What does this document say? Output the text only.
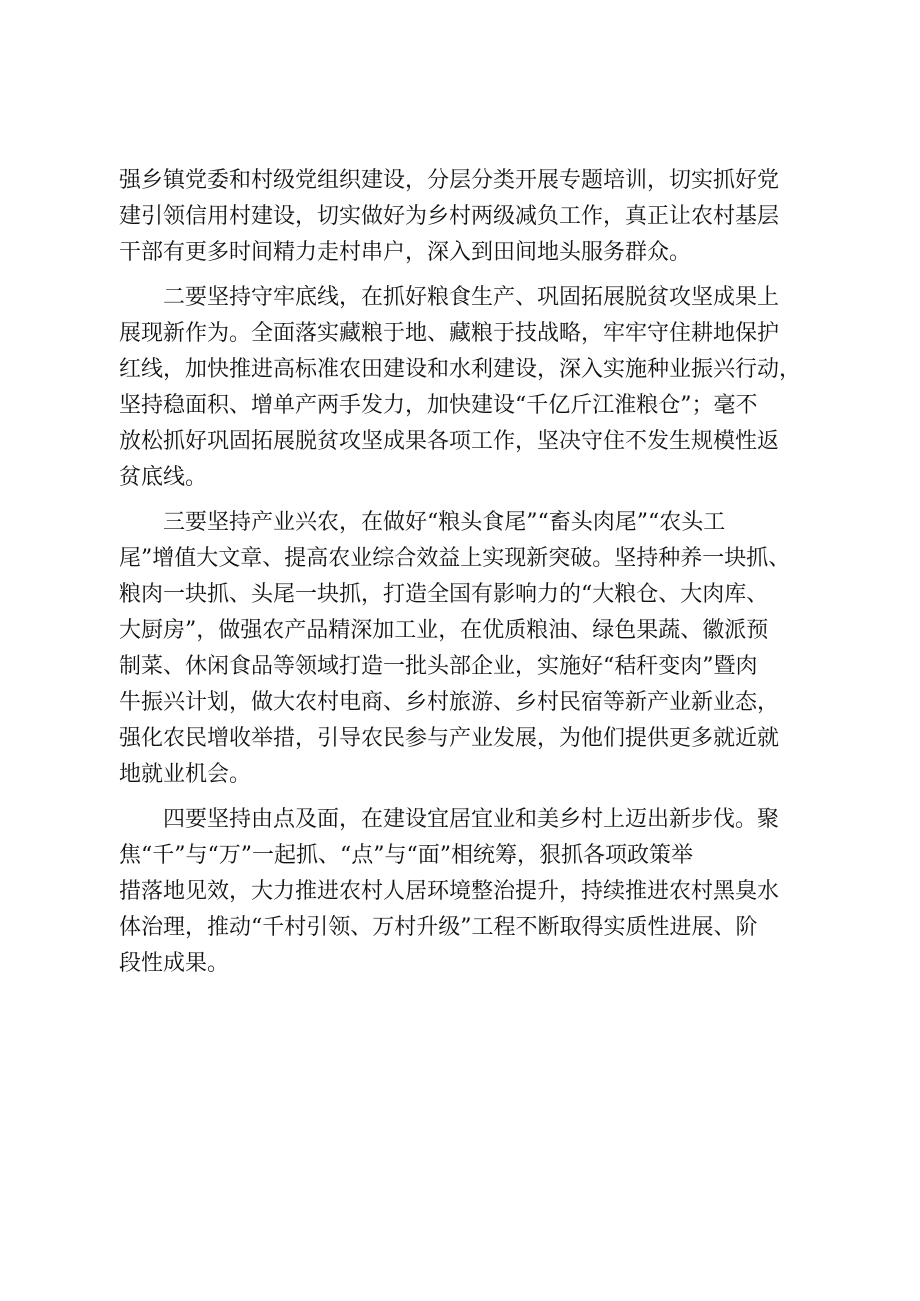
强乡镇党委和村级党组织建设，分层分类开展专题培训，切实抓好党
建引领信用村建设，切实做好为乡村两级减负工作，真正让农村基层
干部有更多时间精力走村串户，深入到田间地头服务群众。
二要坚持守牢底线，在抓好粮食生产、巩固拓展脱贫攻坚成果上
展现新作为。全面落实藏粮于地、藏粮于技战略，牢牢守住耕地保护
红线，加快推进高标准农田建设和水利建设，深入实施种业振兴行动，
坚持稳面积、增单产两手发力，加快建设“千亿斤江淮粮仓”；毫不
放松抓好巩固拓展脱贫攻坚成果各项工作，坚决守住不发生规模性返
贫底线。
三要坚持产业兴农，在做好“粮头食尾”“畜头肉尾”“农头工
尾”增值大文章、提高农业综合效益上实现新突破。坚持种养一块抓、
粮肉一块抓、头尾一块抓，打造全国有影响力的“大粮仓、大肉库、
大厨房”，做强农产品精深加工业，在优质粮油、绿色果蔬、徽派预
制菜、休闲食品等领域打造一批头部企业，实施好“秸秆变肉”暨肉
牛振兴计划，做大农村电商、乡村旅游、乡村民宿等新产业新业态，
强化农民增收举措，引导农民参与产业发展，为他们提供更多就近就
地就业机会。
四要坚持由点及面，在建设宜居宜业和美乡村上迈出新步伐。聚
焦“千”与“万”一起抓、“点”与“面”相统筹，狠抓各项政策举
措落地见效，大力推进农村人居环境整治提升，持续推进农村黑臭水
体治理，推动“千村引领、万村升级”工程不断取得实质性进展、阶
段性成果。
